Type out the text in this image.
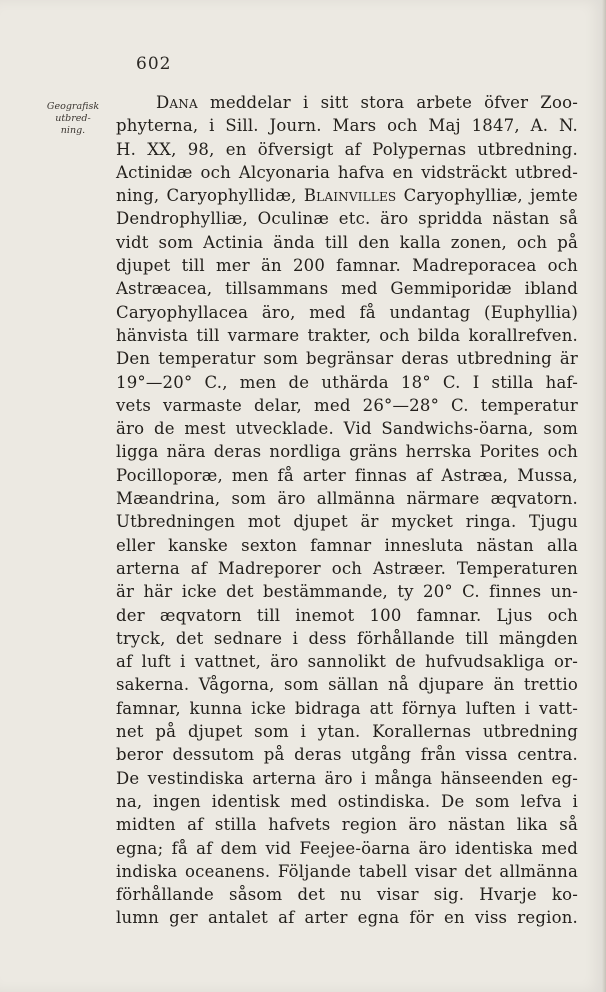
602
Geografisk
utbred-
ning.
Dana meddelar i sitt stora arbete öfver Zoo-
phyterna, i Sill. Journ. Mars och Maj 1847, A. N.
H. XX, 98, en öfversigt af Polypernas utbredning.
Actinidæ och Alcyonaria hafva en vidsträckt utbred-
ning, Caryophyllidæ, Blainvilles Caryophylliæ, jemte
Dendrophylliæ, Oculinæ etc. äro spridda nästan så
vidt som Actinia ända till den kalla zonen, och på
djupet till mer än 200 famnar. Madreporacea och
Astræacea, tillsammans med Gemmiporidæ ibland
Caryophyllacea äro, med få undantag (Euphyllia)
hänvista till varmare trakter, och bilda korallrefven.
Den temperatur som begränsar deras utbredning är
19°—20° C., men de uthärda 18° C. I stilla haf-
vets varmaste delar, med 26°—28° C. temperatur
äro de mest utvecklade. Vid Sandwichs-öarna, som
ligga nära deras nordliga gräns herrska Porites och
Pocilloporæ, men få arter finnas af Astræa, Mussa,
Mæandrina, som äro allmänna närmare æqvatorn.
Utbredningen mot djupet är mycket ringa. Tjugu
eller kanske sexton famnar innesluta nästan alla
arterna af Madreporer och Astræer. Temperaturen
är här icke det bestämmande, ty 20° C. finnes un-
der æqvatorn till inemot 100 famnar. Ljus och
tryck, det sednare i dess förhållande till mängden
af luft i vattnet, äro sannolikt de hufvudsakliga or-
sakerna. Vågorna, som sällan nå djupare än trettio
famnar, kunna icke bidraga att förnya luften i vatt-
net på djupet som i ytan. Korallernas utbredning
beror dessutom på deras utgång från vissa centra.
De vestindiska arterna äro i många hänseenden eg-
na, ingen identisk med ostindiska. De som lefva i
midten af stilla hafvets region äro nästan lika så
egna; få af dem vid Feejee-öarna äro identiska med
indiska oceanens. Följande tabell visar det allmänna
förhållande såsom det nu visar sig. Hvarje ko-
lumn ger antalet af arter egna för en viss region.
